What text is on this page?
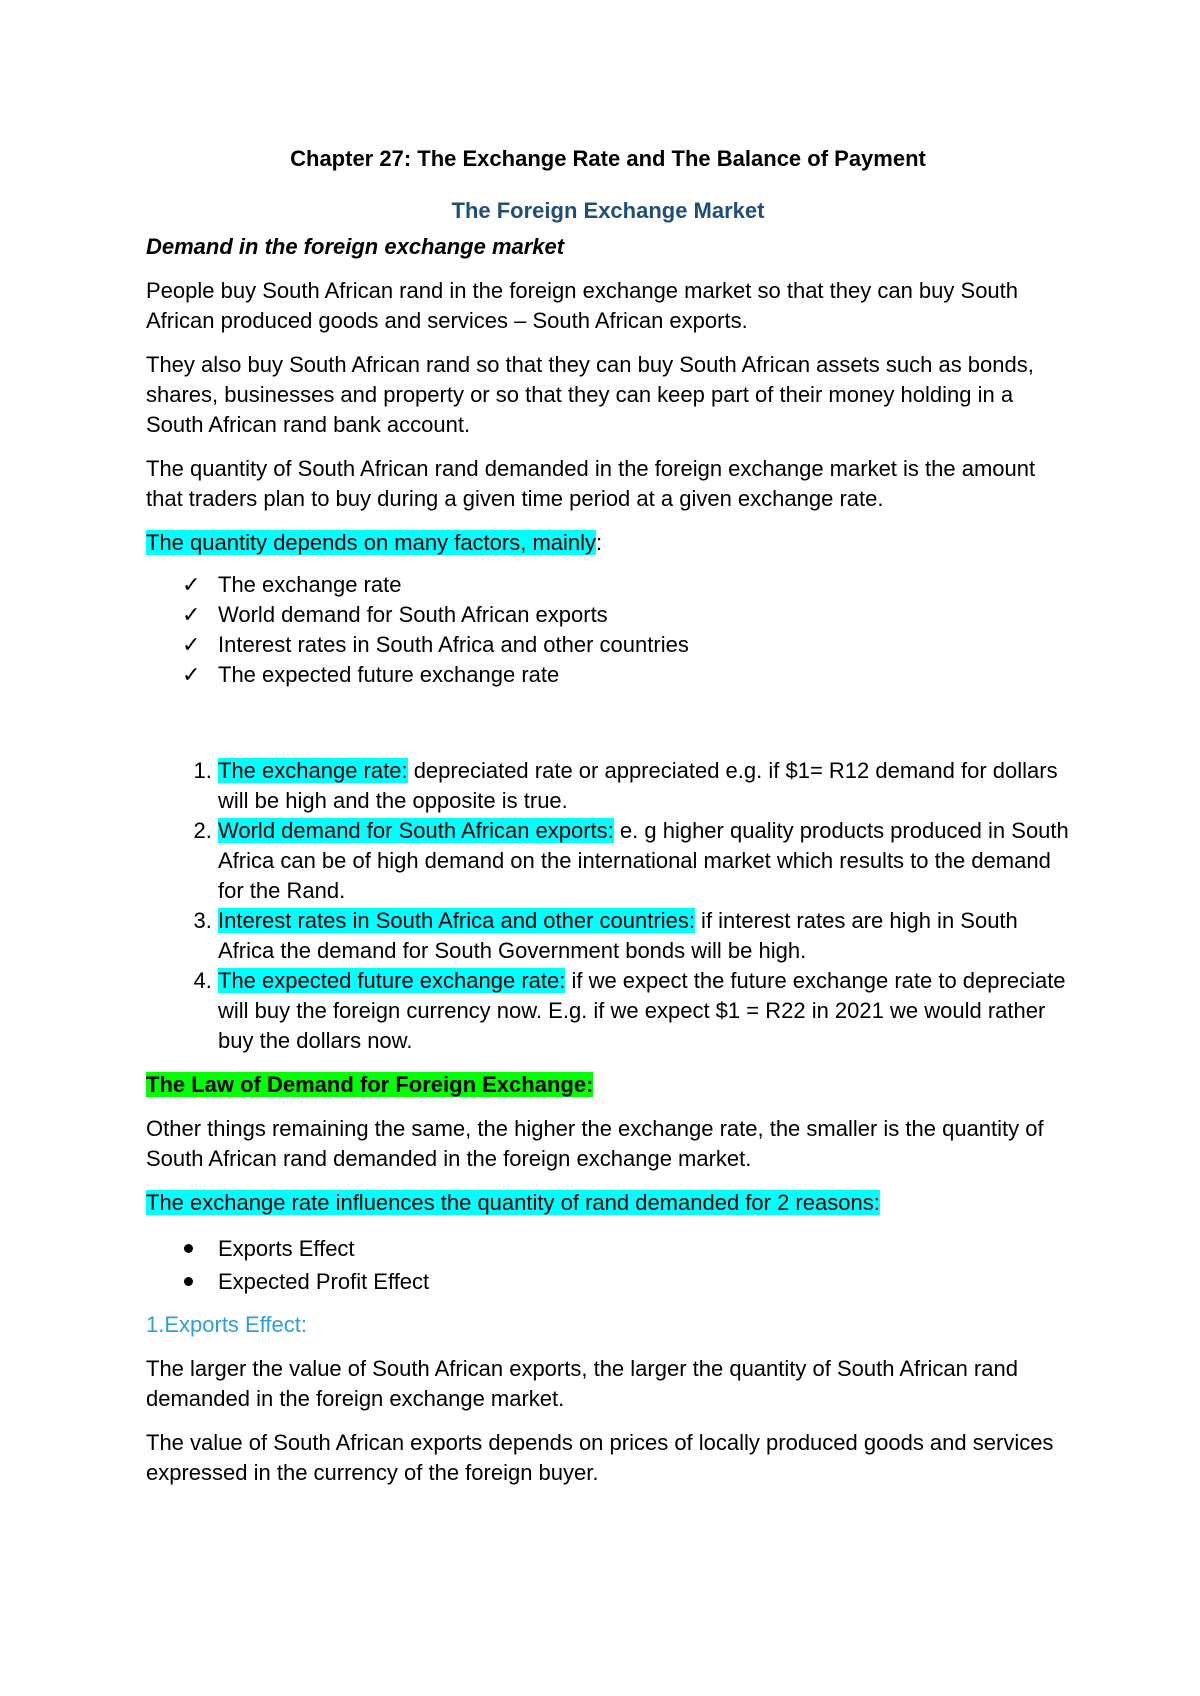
Chapter 27: The Exchange Rate and The Balance of Payment
The Foreign Exchange Market
Demand in the foreign exchange market

People buy South African rand in the foreign exchange market so that they can buy South African produced goods and services – South African exports.

They also buy South African rand so that they can buy South African assets such as bonds, shares, businesses and property or so that they can keep part of their money holding in a South African rand bank account.

The quantity of South African rand demanded in the foreign exchange market is the amount that traders plan to buy during a given time period at a given exchange rate.

The quantity depends on many factors, mainly:

✓ The exchange rate
✓ World demand for South African exports
✓ Interest rates in South Africa and other countries
✓ The expected future exchange rate
1. The exchange rate: depreciated rate or appreciated e.g. if $1= R12 demand for dollars will be high and the opposite is true.
2. World demand for South African exports: e. g higher quality products produced in South Africa can be of high demand on the international market which results to the demand for the Rand.
3. Interest rates in South Africa and other countries: if interest rates are high in South Africa the demand for South Government bonds will be high.
4. The expected future exchange rate: if we expect the future exchange rate to depreciate will buy the foreign currency now. E.g. if we expect $1 = R22 in 2021 we would rather buy the dollars now.

The Law of Demand for Foreign Exchange:

Other things remaining the same, the higher the exchange rate, the smaller is the quantity of South African rand demanded in the foreign exchange market.

The exchange rate influences the quantity of rand demanded for 2 reasons:

Exports Effect
Expected Profit Effect

1.Exports Effect:

The larger the value of South African exports, the larger the quantity of South African rand demanded in the foreign exchange market.

The value of South African exports depends on prices of locally produced goods and services expressed in the currency of the foreign buyer.
